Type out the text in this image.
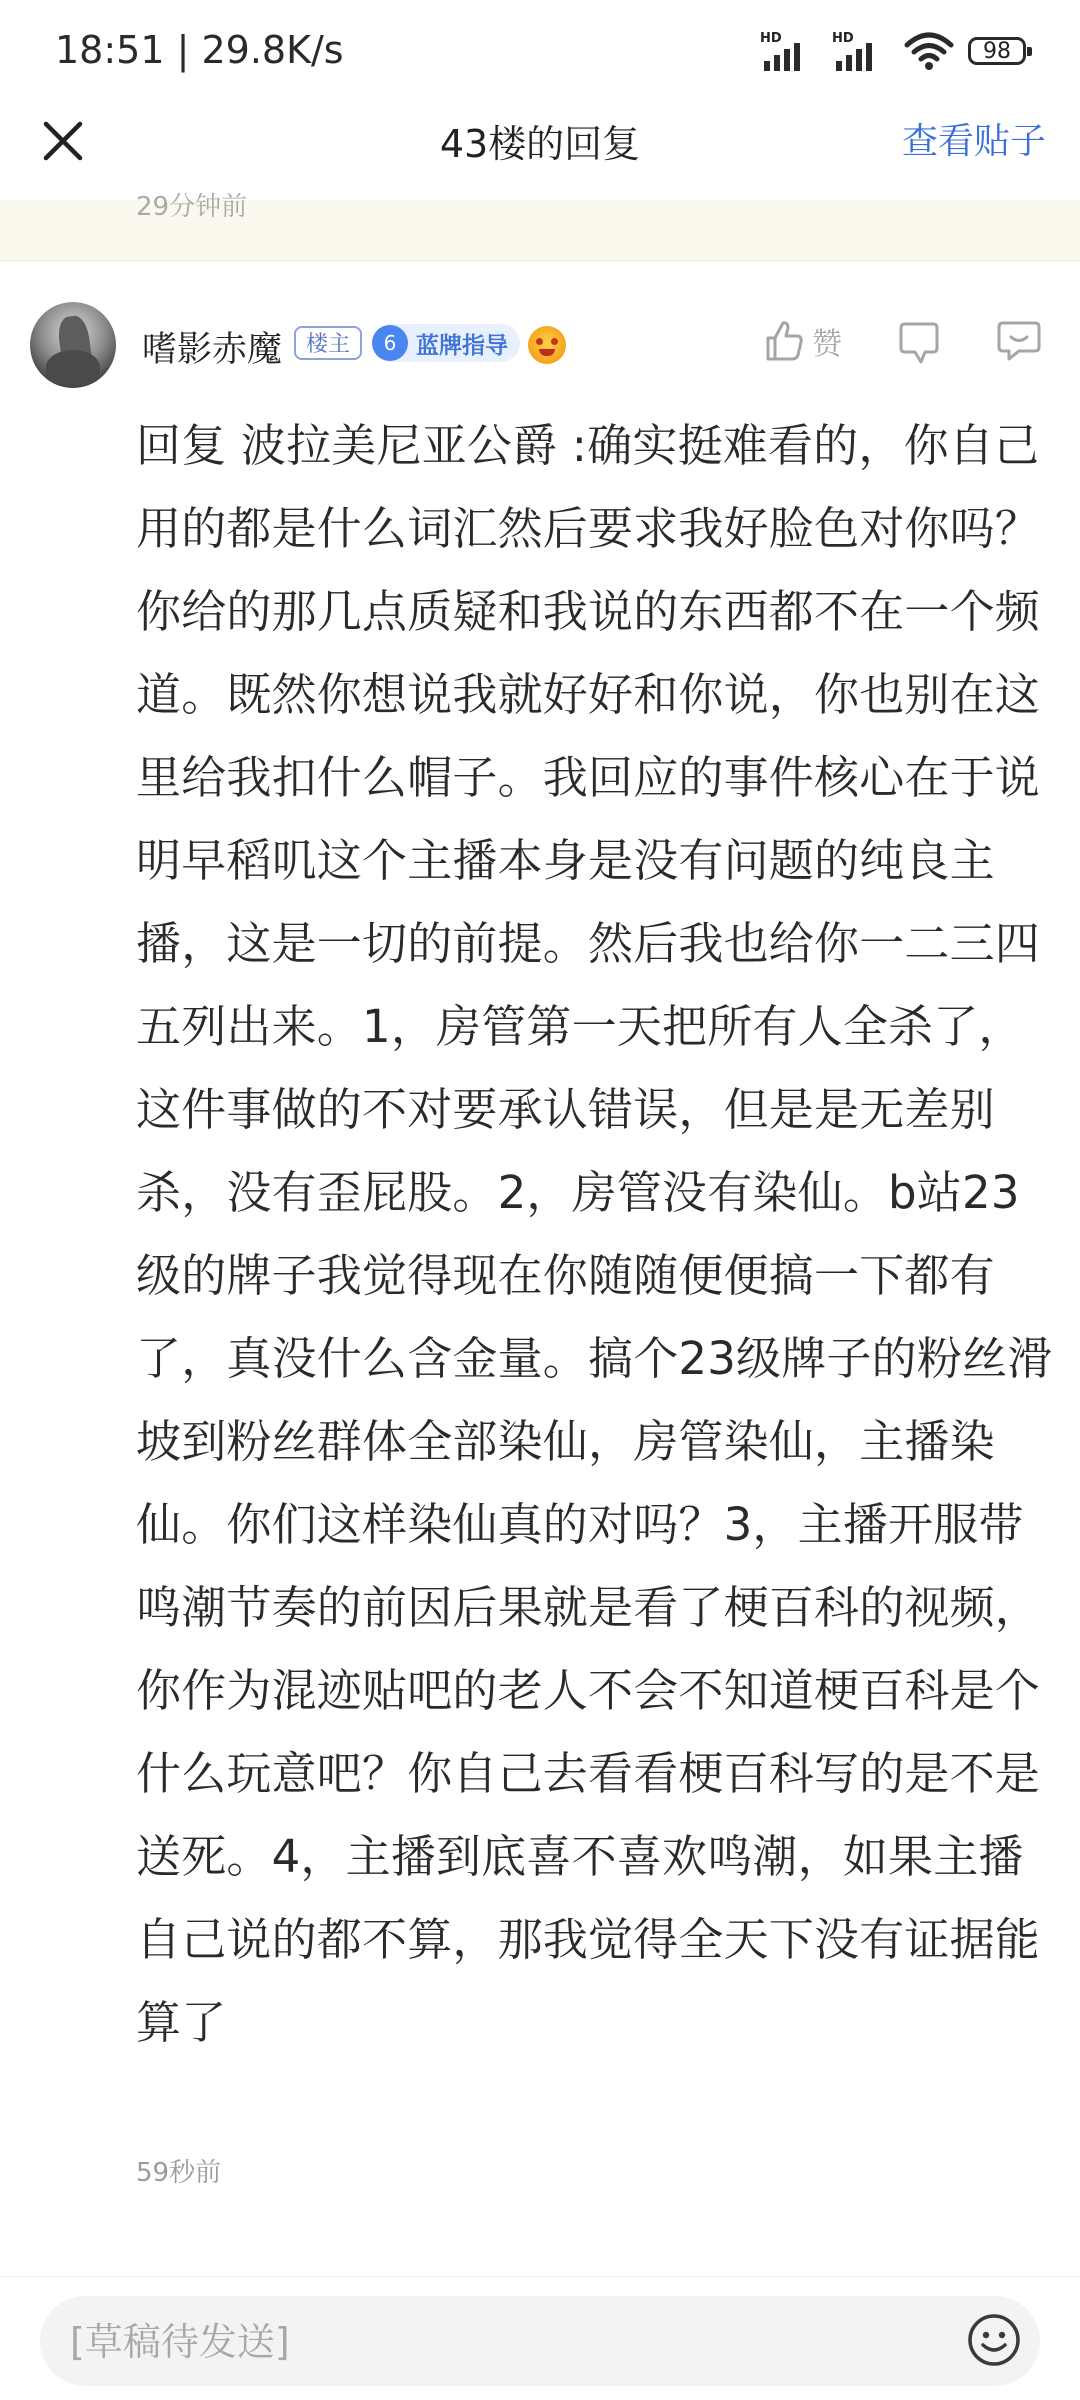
18:51 | 29.8K/s	HD	HD	98
43楼的回复	查看贴子
29分钟前
嗜影赤魔	楼主	6 蓝牌指导	赞

回复 波拉美尼亚公爵 :确实挺难看的，你自己用的都是什么词汇然后要求我好脸色对你吗？你给的那几点质疑和我说的东西都不在一个频道。既然你想说我就好好和你说，你也别在这里给我扣什么帽子。我回应的事件核心在于说明早稻叽这个主播本身是没有问题的纯良主播，这是一切的前提。然后我也给你一二三四五列出来。1，房管第一天把所有人全杀了，这件事做的不对要承认错误，但是是无差别杀，没有歪屁股。2，房管没有染仙。b站23级的牌子我觉得现在你随随便便搞一下都有了，真没什么含金量。搞个23级牌子的粉丝滑坡到粉丝群体全部染仙，房管染仙，主播染仙。你们这样染仙真的对吗？3，主播开服带鸣潮节奏的前因后果就是看了梗百科的视频，你作为混迹贴吧的老人不会不知道梗百科是个什么玩意吧？你自己去看看梗百科写的是不是送死。4，主播到底喜不喜欢鸣潮，如果主播自己说的都不算，那我觉得全天下没有证据能算了

59秒前
[草稿待发送]
